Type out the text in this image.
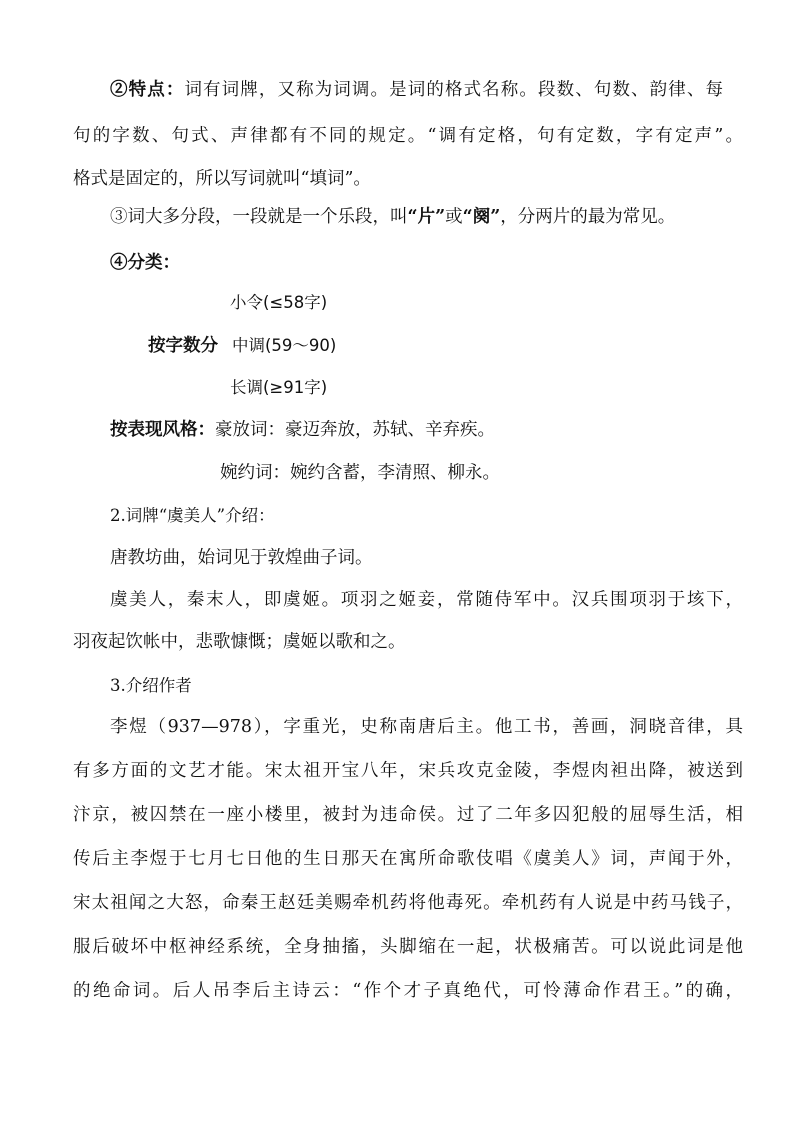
②特点：词有词牌，又称为词调。是词的格式名称。段数、句数、韵律、每
句的字数、句式、声律都有不同的规定。“调有定格，句有定数，字有定声”。
格式是固定的，所以写词就叫“填词”。
③词大多分段，一段就是一个乐段，叫“片”或“阕”，分两片的最为常见。
④分类：
小令(≤58字)
按字数分 中调(59～90)
长调(≥91字)
按表现风格：豪放词：豪迈奔放，苏轼、辛弃疾。
婉约词：婉约含蓄，李清照、柳永。
2.词牌“虞美人”介绍：
唐教坊曲，始词见于敦煌曲子词。
虞美人，秦末人，即虞姬。项羽之姬妾，常随侍军中。汉兵围项羽于垓下，
羽夜起饮帐中，悲歌慷慨；虞姬以歌和之。
3.介绍作者
李煜（937—978），字重光，史称南唐后主。他工书，善画，洞晓音律，具
有多方面的文艺才能。宋太祖开宝八年，宋兵攻克金陵，李煜肉袒出降，被送到
汴京，被囚禁在一座小楼里，被封为违命侯。过了二年多囚犯般的屈辱生活，相
传后主李煜于七月七日他的生日那天在寓所命歌伎唱《虞美人》词，声闻于外，
宋太祖闻之大怒，命秦王赵廷美赐牵机药将他毒死。牵机药有人说是中药马钱子，
服后破坏中枢神经系统，全身抽搐，头脚缩在一起，状极痛苦。可以说此词是他
的绝命词。后人吊李后主诗云：“作个才子真绝代，可怜薄命作君王。”的确，
